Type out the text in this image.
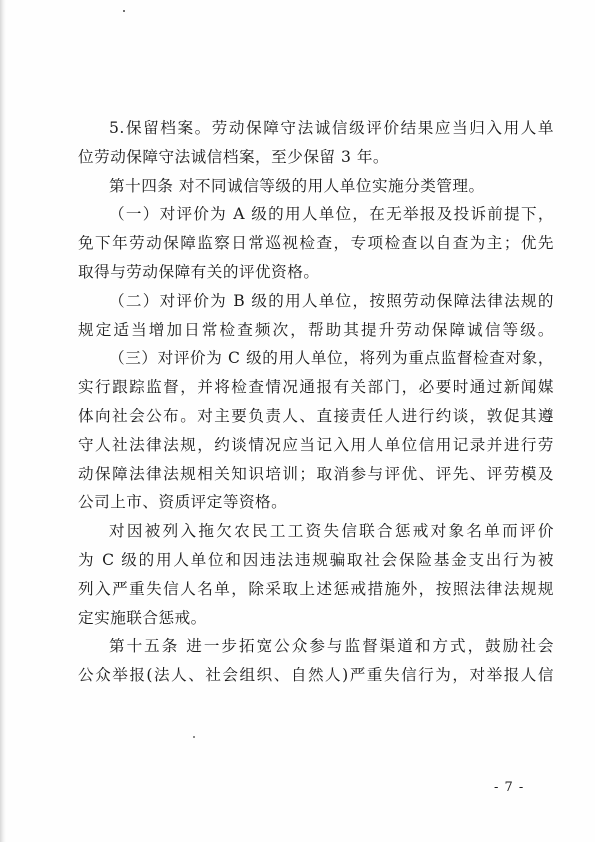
5.保留档案。劳动保障守法诚信级评价结果应当归入用人单
位劳动保障守法诚信档案，至少保留 3 年。
第十四条 对不同诚信等级的用人单位实施分类管理。
（一）对评价为 A 级的用人单位，在无举报及投诉前提下，
免下年劳动保障监察日常巡视检查，专项检查以自查为主；优先
取得与劳动保障有关的评优资格。
（二）对评价为 B 级的用人单位，按照劳动保障法律法规的
规定适当增加日常检查频次，帮助其提升劳动保障诚信等级。
（三）对评价为 C 级的用人单位，将列为重点监督检查对象，
实行跟踪监督，并将检查情况通报有关部门，必要时通过新闻媒
体向社会公布。对主要负责人、直接责任人进行约谈，敦促其遵
守人社法律法规，约谈情况应当记入用人单位信用记录并进行劳
动保障法律法规相关知识培训；取消参与评优、评先、评劳模及
公司上市、资质评定等资格。
对因被列入拖欠农民工工资失信联合惩戒对象名单而评价
为 C 级的用人单位和因违法违规骗取社会保险基金支出行为被
列入严重失信人名单，除采取上述惩戒措施外，按照法律法规规
定实施联合惩戒。
第十五条 进一步拓宽公众参与监督渠道和方式，鼓励社会
公众举报(法人、社会组织、自然人)严重失信行为，对举报人信
- 7 -
